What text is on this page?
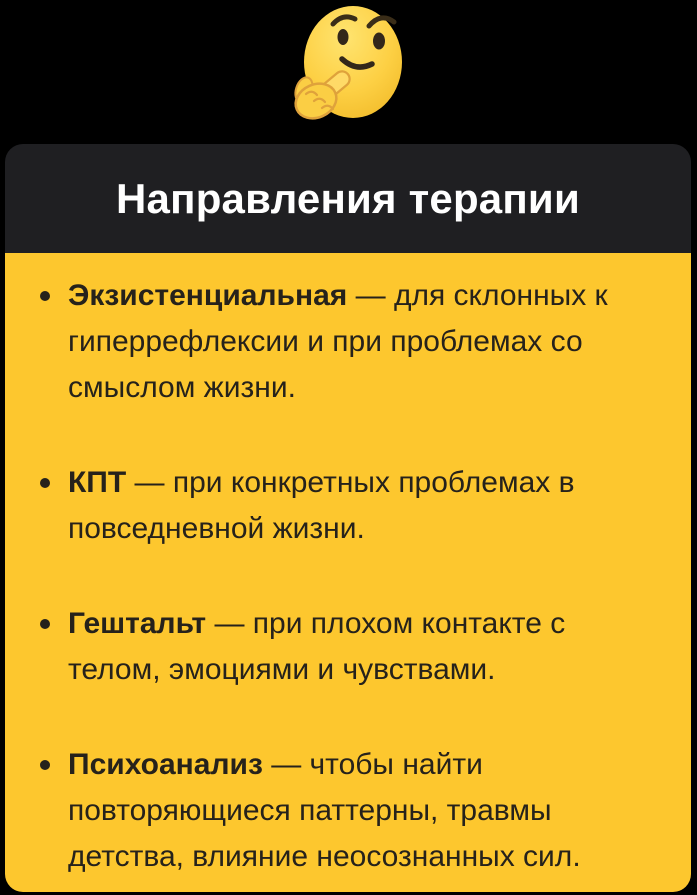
Направления терапии
Экзистенциальная — для склонных к гиперрефлексии и при проблемах со смыслом жизни.
КПТ — при конкретных проблемах в повседневной жизни.
Гештальт — при плохом контакте с телом, эмоциями и чувствами.
Психоанализ — чтобы найти повторяющиеся паттерны, травмы детства, влияние неосознанных сил.
